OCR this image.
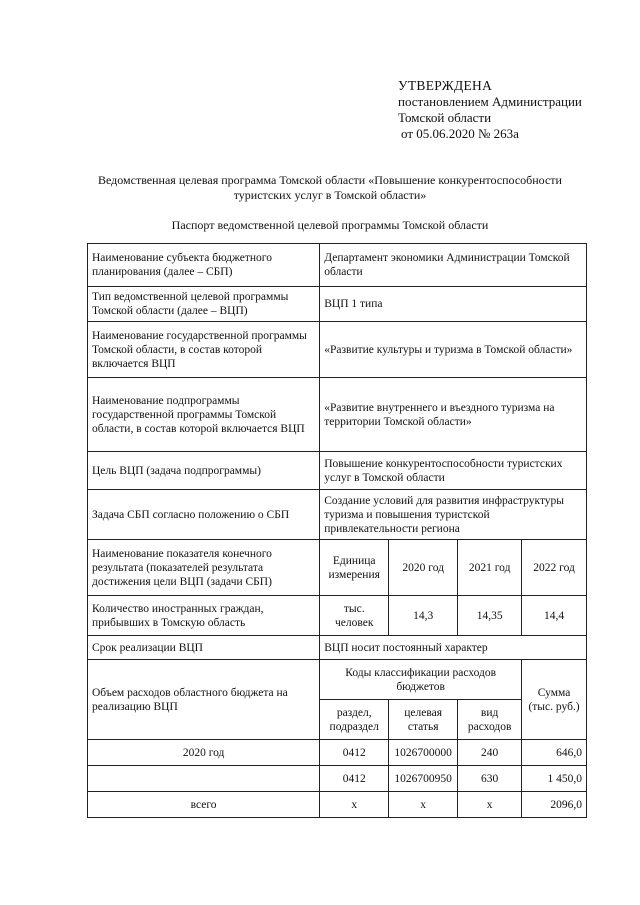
УТВЕРЖДЕНА
постановлением Администрации
Томской области
от 05.06.2020 № 263а
Ведомственная целевая программа Томской области «Повышение конкурентоспособности туристских услуг в Томской области»
Паспорт ведомственной целевой программы Томской области
Наименование субъекта бюджетного планирования (далее – СБП)	Департамент экономики Администрации Томской области			
Тип ведомственной целевой программы Томской области (далее – ВЦП)	ВЦП 1 типа			
Наименование государственной программы Томской области, в состав которой включается ВЦП	«Развитие культуры и туризма в Томской области»			
Наименование подпрограммы государственной программы Томской области, в состав которой включается ВЦП	«Развитие внутреннего и въездного туризма на территории Томской области»			
Цель ВЦП (задача подпрограммы)	Повышение конкурентоспособности туристских услуг в Томской области			
Задача СБП согласно положению о СБП	Создание условий для развития инфраструктуры туризма и повышения туристской привлекательности региона			
Наименование показателя конечного результата (показателей результата достижения цели ВЦП (задачи СБП)	Единица измерения	2020 год	2021 год	2022 год
Количество иностранных граждан, прибывших в Томскую область	тыс. человек	14,3	14,35	14,4
Срок реализации ВЦП	ВЦП носит постоянный характер			
Объем расходов областного бюджета на реализацию ВЦП	Коды классификации расходов бюджетов			Сумма (тыс. руб.)
	раздел, подраздел	целевая статья	вид расходов	
2020 год	0412	1026700000	240	646,0
	0412	1026700950	630	1 450,0
всего	х	х	х	2096,0
